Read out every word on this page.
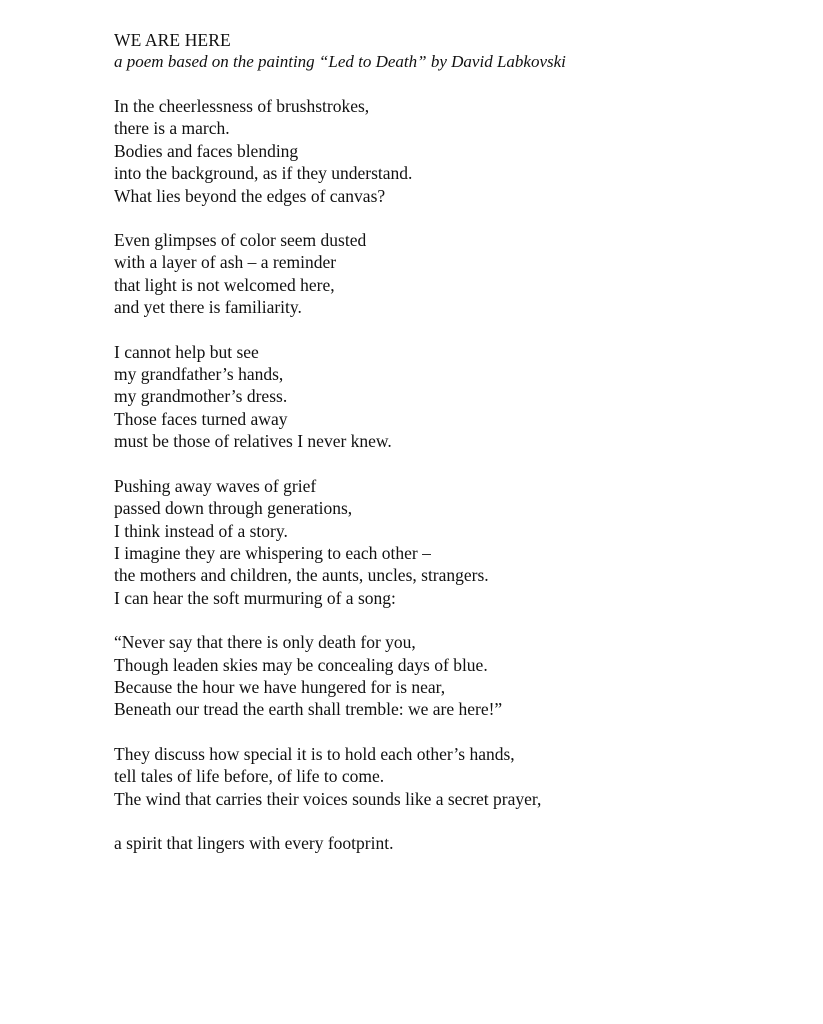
WE ARE HERE

a poem based on the painting “Led to Death” by David Labkovski

In the cheerlessness of brushstrokes,
there is a march.
Bodies and faces blending
into the background, as if they understand.
What lies beyond the edges of canvas?
Even glimpses of color seem dusted
with a layer of ash – a reminder
that light is not welcomed here,
and yet there is familiarity.
I cannot help but see
my grandfather’s hands,
my grandmother’s dress.
Those faces turned away
must be those of relatives I never knew.
Pushing away waves of grief
passed down through generations,
I think instead of a story.
I imagine they are whispering to each other –
the mothers and children, the aunts, uncles, strangers.
I can hear the soft murmuring of a song:
“Never say that there is only death for you,
Though leaden skies may be concealing days of blue.
Because the hour we have hungered for is near,
Beneath our tread the earth shall tremble: we are here!”
They discuss how special it is to hold each other’s hands,
tell tales of life before, of life to come.
The wind that carries their voices sounds like a secret prayer,
a spirit that lingers with every footprint.
